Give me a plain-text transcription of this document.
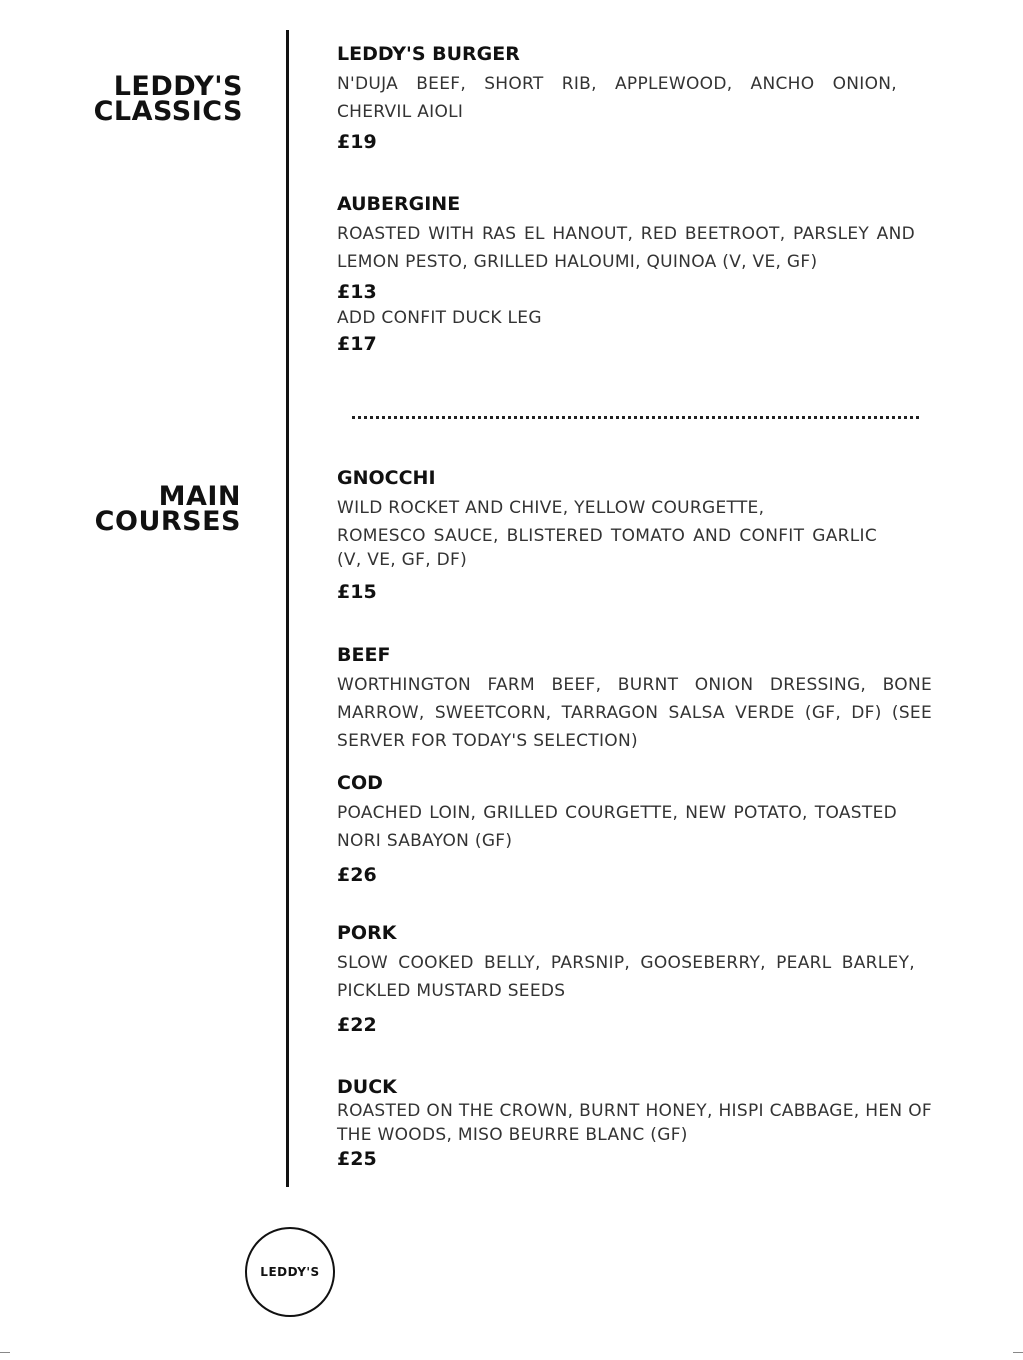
LEDDY'S
CLASSICS
MAIN
COURSES

LEDDY'S BURGER

N'DUJA BEEF, SHORT RIB, APPLEWOOD, ANCHO ONION, CHERVIL AIOLI

£19

AUBERGINE

ROASTED WITH RAS EL HANOUT, RED BEETROOT, PARSLEY AND LEMON PESTO, GRILLED HALOUMI, QUINOA (V, VE, GF)

£13

ADD CONFIT DUCK LEG

£17

GNOCCHI

WILD ROCKET AND CHIVE, YELLOW COURGETTE,

ROMESCO SAUCE, BLISTERED TOMATO AND CONFIT GARLIC (V, VE, GF, DF)

£15

BEEF

WORTHINGTON FARM BEEF, BURNT ONION DRESSING, BONE MARROW, SWEETCORN, TARRAGON SALSA VERDE (GF, DF) (SEE SERVER FOR TODAY'S SELECTION)

COD

POACHED LOIN, GRILLED COURGETTE, NEW POTATO, TOASTED NORI SABAYON (GF)

£26

PORK

SLOW COOKED BELLY, PARSNIP, GOOSEBERRY, PEARL BARLEY, PICKLED MUSTARD SEEDS

£22

DUCK

ROASTED ON THE CROWN, BURNT HONEY, HISPI CABBAGE, HEN OF THE WOODS, MISO BEURRE BLANC (GF)

£25

LEDDY'S
